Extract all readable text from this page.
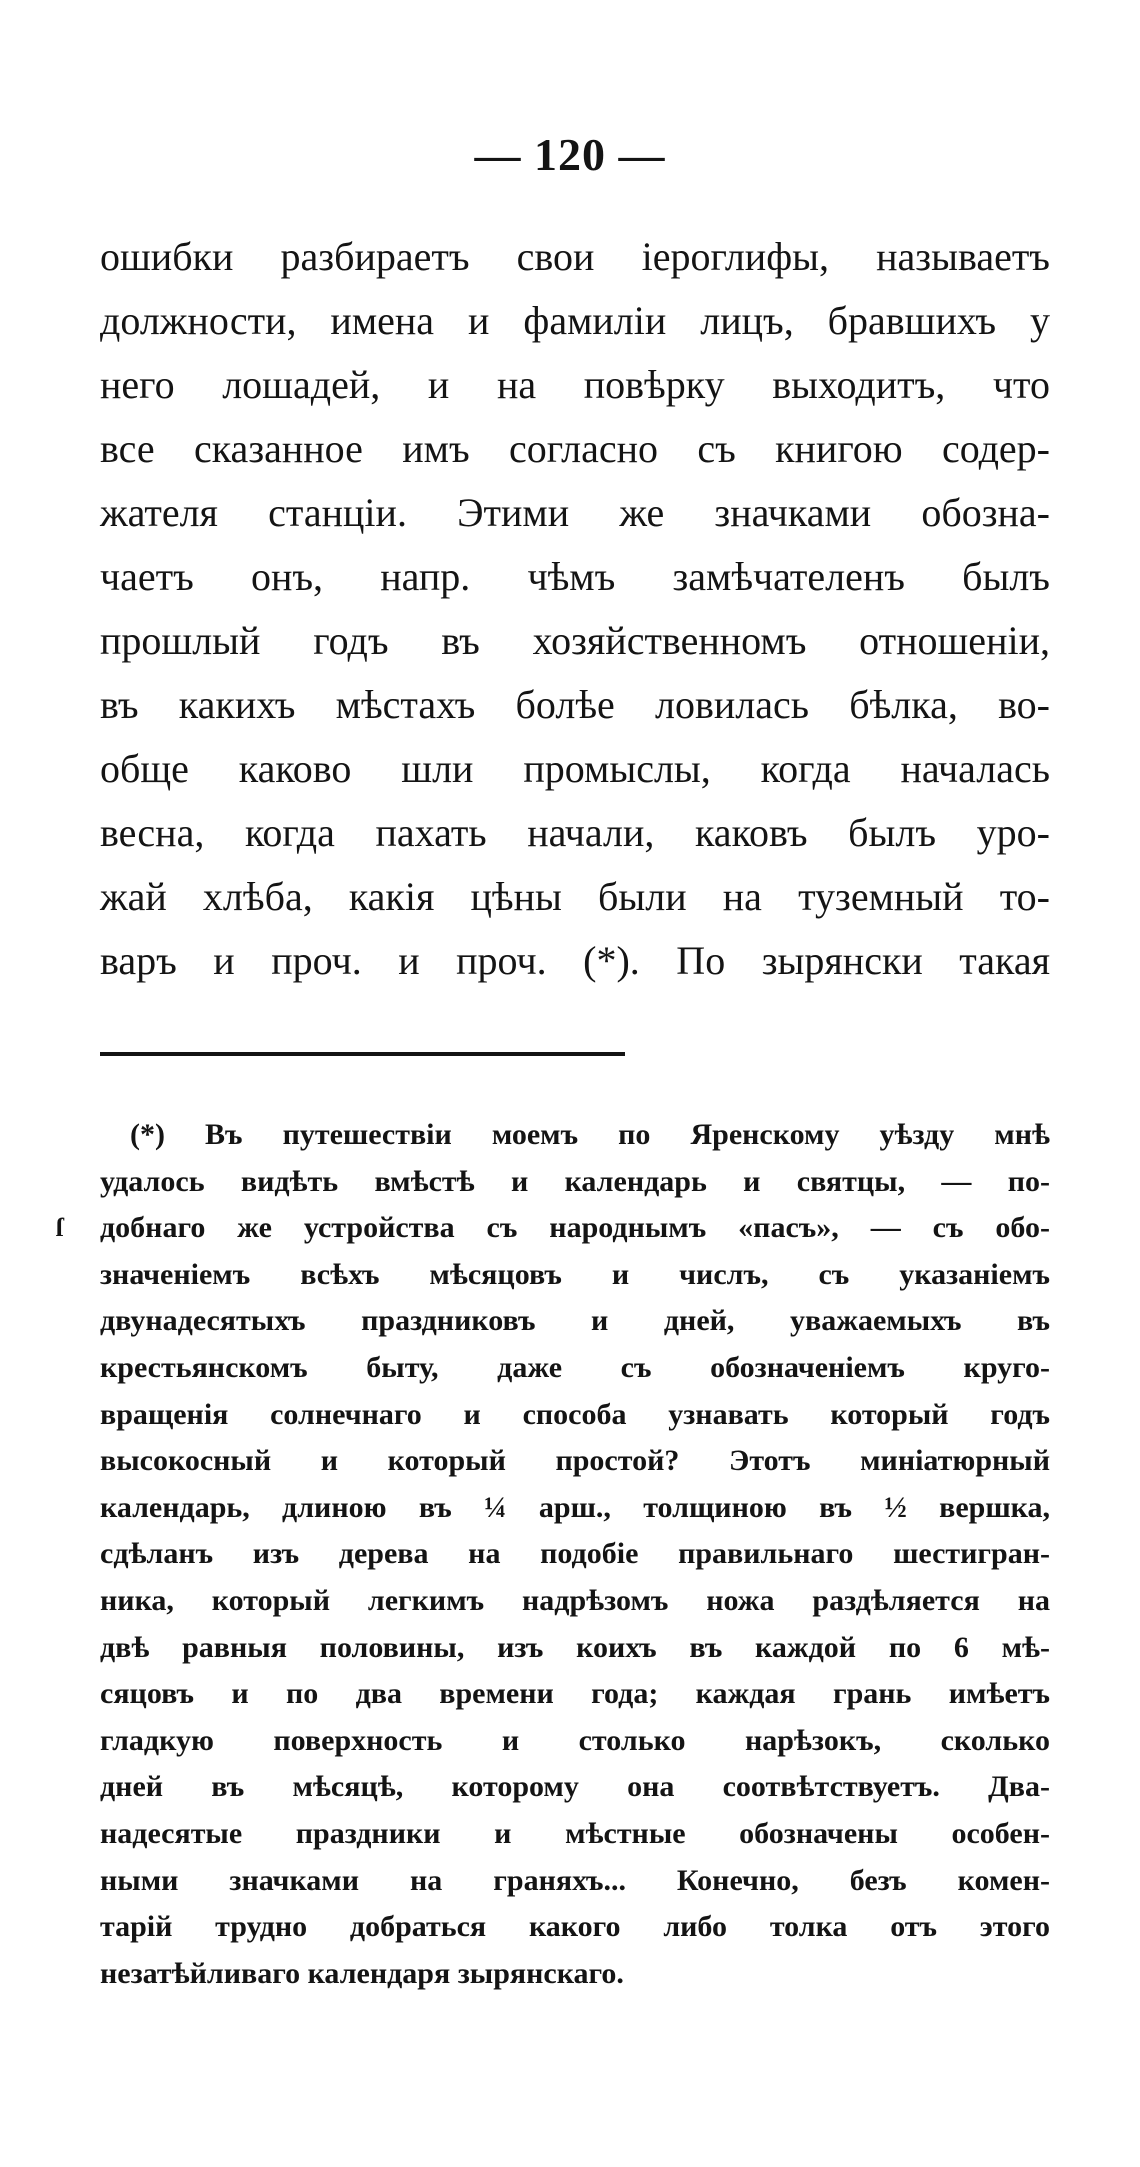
— 120 —
ошибки разбираетъ свои іероглифы, называетъ
должности, имена и фамиліи лицъ, бравшихъ у
него лошадей, и на повѣрку выходитъ, что
все сказанное имъ согласно съ книгою содер-
жателя станціи. Этими же значками обозна-
чаетъ онъ, напр. чѣмъ замѣчателенъ былъ
прошлый годъ въ хозяйственномъ отношеніи,
въ какихъ мѣстахъ болѣе ловилась бѣлка, во-
обще каково шли промыслы, когда началась
весна, когда пахать начали, каковъ былъ уро-
жай хлѣба, какія цѣны были на туземный то-
варъ и проч. и проч. (*). По зырянски такая
ſ
(*) Въ путешествіи моемъ по Яренскому уѣзду мнѣ
удалось видѣть вмѣстѣ и календарь и святцы, — по-
добнаго же устройства съ народнымъ «пасъ», — съ обо-
значеніемъ всѣхъ мѣсяцовъ и числъ, съ указаніемъ
двунадесятыхъ праздниковъ и дней, уважаемыхъ въ
крестьянскомъ быту, даже съ обозначеніемъ круго-
вращенія солнечнаго и способа узнавать который годъ
высокосный и который простой? Этотъ миніатюрный
календарь, длиною въ ¼ арш., толщиною въ ½ вершка,
сдѣланъ изъ дерева на подобіе правильнаго шестигран-
ника, который легкимъ надрѣзомъ ножа раздѣляется на
двѣ равныя половины, изъ коихъ въ каждой по 6 мѣ-
сяцовъ и по два времени года; каждая грань имѣетъ
гладкую поверхность и столько нарѣзокъ, сколько
дней въ мѣсяцѣ, которому она соотвѣтствуетъ. Два-
надесятые праздники и мѣстные обозначены особен-
ными значками на граняхъ... Конечно, безъ комен-
тарій трудно добраться какого либо толка отъ этого
незатѣйливаго календаря зырянскаго.
